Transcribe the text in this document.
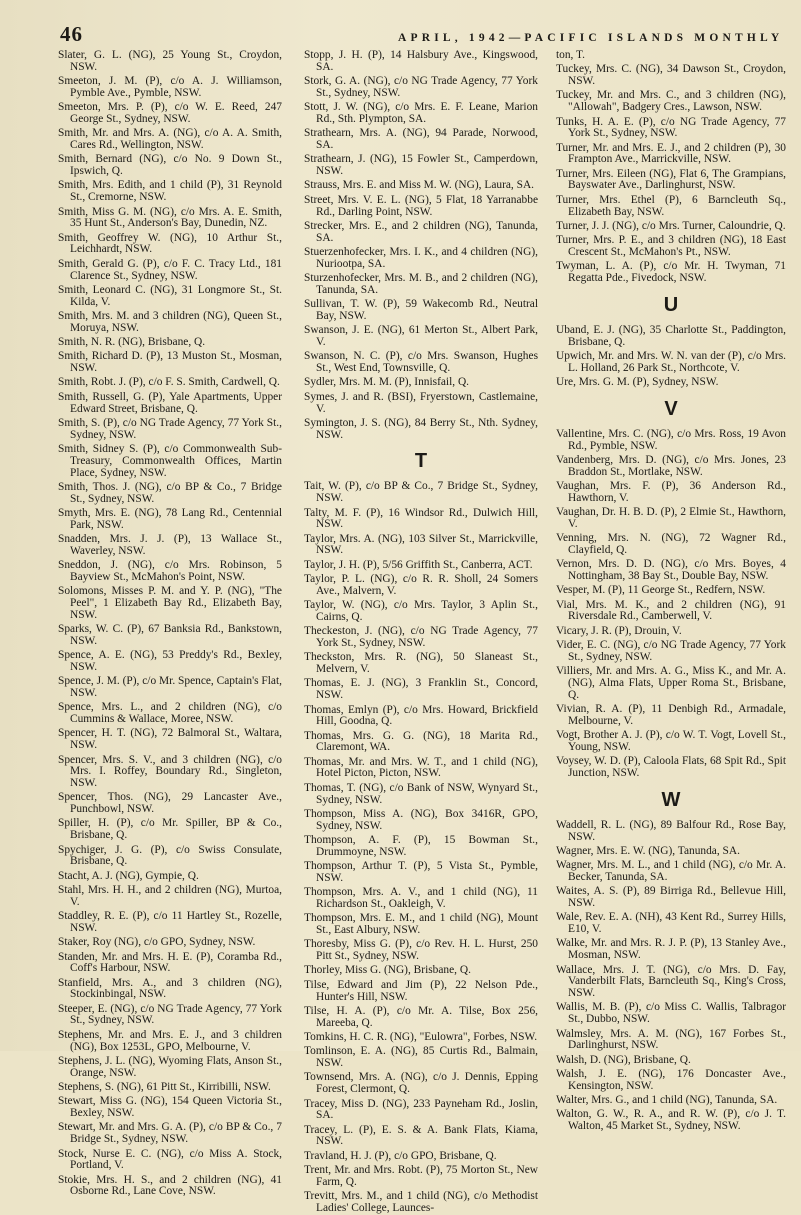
46	APRIL, 1942—PACIFIC ISLANDS MONTHLY
Slater, G. L. (NG), 25 Young St., Croydon, NSW.
Smeeton, J. M. (P), c/o A. J. Williamson, Pymble Ave., Pymble, NSW.
Smeeton, Mrs. P. (P), c/o W. E. Reed, 247 George St., Sydney, NSW.
Smith, Mr. and Mrs. A. (NG), c/o A. A. Smith, Cares Rd., Wellington, NSW.
Smith, Bernard (NG), c/o No. 9 Down St., Ipswich, Q.
Smith, Mrs. Edith, and 1 child (P), 31 Reynold St., Cremorne, NSW.
Smith, Miss G. M. (NG), c/o Mrs. A. E. Smith, 35 Hunt St., Anderson's Bay, Dunedin, NZ.
Smith, Geoffrey W. (NG), 10 Arthur St., Leichhardt, NSW.
Smith, Gerald G. (P), c/o F. C. Tracy Ltd., 181 Clarence St., Sydney, NSW.
Smith, Leonard C. (NG), 31 Longmore St., St. Kilda, V.
Smith, Mrs. M. and 3 children (NG), Queen St., Moruya, NSW.
Smith, N. R. (NG), Brisbane, Q.
Smith, Richard D. (P), 13 Muston St., Mosman, NSW.
Smith, Robt. J. (P), c/o F. S. Smith, Cardwell, Q.
Smith, Russell, G. (P), Yale Apartments, Upper Edward Street, Brisbane, Q.
Smith, S. (P), c/o NG Trade Agency, 77 York St., Sydney, NSW.
Smith, Sidney S. (P), c/o Commonwealth Sub-Treasury, Commonwealth Offices, Martin Place, Sydney, NSW.
Smith, Thos. J. (NG), c/o BP & Co., 7 Bridge St., Sydney, NSW.
Smyth, Mrs. E. (NG), 78 Lang Rd., Centennial Park, NSW.
Snadden, Mrs. J. J. (P), 13 Wallace St., Waverley, NSW.
Sneddon, J. (NG), c/o Mrs. Robinson, 5 Bayview St., McMahon's Point, NSW.
Solomons, Misses P. M. and Y. P. (NG), "The Peel", 1 Elizabeth Bay Rd., Elizabeth Bay, NSW.
Sparks, W. C. (P), 67 Banksia Rd., Bankstown, NSW.
Spence, A. E. (NG), 53 Preddy's Rd., Bexley, NSW.
Spence, J. M. (P), c/o Mr. Spence, Captain's Flat, NSW.
Spence, Mrs. L., and 2 children (NG), c/o Cummins & Wallace, Moree, NSW.
Spencer, H. T. (NG), 72 Balmoral St., Waltara, NSW.
Spencer, Mrs. S. V., and 3 children (NG), c/o Mrs. I. Roffey, Boundary Rd., Singleton, NSW.
Spencer, Thos. (NG), 29 Lancaster Ave., Punchbowl, NSW.
Spiller, H. (P), c/o Mr. Spiller, BP & Co., Brisbane, Q.
Spychiger, J. G. (P), c/o Swiss Consulate, Brisbane, Q.
Stacht, A. J. (NG), Gympie, Q.
Stahl, Mrs. H. H., and 2 children (NG), Murtoa, V.
Staddley, R. E. (P), c/o 11 Hartley St., Rozelle, NSW.
Staker, Roy (NG), c/o GPO, Sydney, NSW.
Standen, Mr. and Mrs. H. E. (P), Coramba Rd., Coff's Harbour, NSW.
Stanfield, Mrs. A., and 3 children (NG), Stockinbingal, NSW.
Steeper, E. (NG), c/o NG Trade Agency, 77 York St., Sydney, NSW.
Stephens, Mr. and Mrs. E. J., and 3 children (NG), Box 1253L, GPO, Melbourne, V.
Stephens, J. L. (NG), Wyoming Flats, Anson St., Orange, NSW.
Stephens, S. (NG), 61 Pitt St., Kirribilli, NSW.
Stewart, Miss G. (NG), 154 Queen Victoria St., Bexley, NSW.
Stewart, Mr. and Mrs. G. A. (P), c/o BP & Co., 7 Bridge St., Sydney, NSW.
Stock, Nurse E. C. (NG), c/o Miss A. Stock, Portland, V.
Stokie, Mrs. H. S., and 2 children (NG), 41 Osborne Rd., Lane Cove, NSW.
Stopp, J. H. (P), 14 Halsbury Ave., Kingswood, SA.
Stork, G. A. (NG), c/o NG Trade Agency, 77 York St., Sydney, NSW.
Stott, J. W. (NG), c/o Mrs. E. F. Leane, Marion Rd., Sth. Plympton, SA.
Strathearn, Mrs. A. (NG), 94 Parade, Norwood, SA.
Strathearn, J. (NG), 15 Fowler St., Camperdown, NSW.
Strauss, Mrs. E. and Miss M. W. (NG), Laura, SA.
Street, Mrs. V. E. L. (NG), 5 Flat, 18 Yarranabbe Rd., Darling Point, NSW.
Strecker, Mrs. E., and 2 children (NG), Tanunda, SA.
Stuerzenhofecker, Mrs. I. K., and 4 children (NG), Nuriootpa, SA.
Sturzenhofecker, Mrs. M. B., and 2 children (NG), Tanunda, SA.
Sullivan, T. W. (P), 59 Wakecomb Rd., Neutral Bay, NSW.
Swanson, J. E. (NG), 61 Merton St., Albert Park, V.
Swanson, N. C. (P), c/o Mrs. Swanson, Hughes St., West End, Townsville, Q.
Sydler, Mrs. M. M. (P), Innisfail, Q.
Symes, J. and R. (BSI), Fryerstown, Castlemaine, V.
Symington, J. S. (NG), 84 Berry St., Nth. Sydney, NSW.
T
Tait, W. (P), c/o BP & Co., 7 Bridge St., Sydney, NSW.
Talty, M. F. (P), 16 Windsor Rd., Dulwich Hill, NSW.
Taylor, Mrs. A. (NG), 103 Silver St., Marrickville, NSW.
Taylor, J. H. (P), 5/56 Griffith St., Canberra, ACT.
Taylor, P. L. (NG), c/o R. R. Sholl, 24 Somers Ave., Malvern, V.
Taylor, W. (NG), c/o Mrs. Taylor, 3 Aplin St., Cairns, Q.
Theckeston, J. (NG), c/o NG Trade Agency, 77 York St., Sydney, NSW.
Theckston, Mrs. R. (NG), 50 Slaneast St., Melvern, V.
Thomas, E. J. (NG), 3 Franklin St., Concord, NSW.
Thomas, Emlyn (P), c/o Mrs. Howard, Brickfield Hill, Goodna, Q.
Thomas, Mrs. G. G. (NG), 18 Marita Rd., Claremont, WA.
Thomas, Mr. and Mrs. W. T., and 1 child (NG), Hotel Picton, Picton, NSW.
Thomas, T. (NG), c/o Bank of NSW, Wynyard St., Sydney, NSW.
Thompson, Miss A. (NG), Box 3416R, GPO, Sydney, NSW.
Thompson, A. F. (P), 15 Bowman St., Drummoyne, NSW.
Thompson, Arthur T. (P), 5 Vista St., Pymble, NSW.
Thompson, Mrs. A. V., and 1 child (NG), 11 Richardson St., Oakleigh, V.
Thompson, Mrs. E. M., and 1 child (NG), Mount St., East Albury, NSW.
Thoresby, Miss G. (P), c/o Rev. H. L. Hurst, 250 Pitt St., Sydney, NSW.
Thorley, Miss G. (NG), Brisbane, Q.
Tilse, Edward and Jim (P), 22 Nelson Pde., Hunter's Hill, NSW.
Tilse, H. A. (P), c/o Mr. A. Tilse, Box 256, Mareeba, Q.
Tomkins, H. C. R. (NG), "Eulowra", Forbes, NSW.
Tomlinson, E. A. (NG), 85 Curtis Rd., Balmain, NSW.
Townsend, Mrs. A. (NG), c/o J. Dennis, Epping Forest, Clermont, Q.
Tracey, Miss D. (NG), 233 Payneham Rd., Joslin, SA.
Tracey, L. (P), E. S. & A. Bank Flats, Kiama, NSW.
Travland, H. J. (P), c/o GPO, Brisbane, Q.
Trent, Mr. and Mrs. Robt. (P), 75 Morton St., New Farm, Q.
Trevitt, Mrs. M., and 1 child (NG), c/o Methodist Ladies' College, Launces-
ton, T.
Tuckey, Mrs. C. (NG), 34 Dawson St., Croydon, NSW.
Tuckey, Mr. and Mrs. C., and 3 children (NG), "Allowah", Badgery Cres., Lawson, NSW.
Tunks, H. A. E. (P), c/o NG Trade Agency, 77 York St., Sydney, NSW.
Turner, Mr. and Mrs. E. J., and 2 children (P), 30 Frampton Ave., Marrickville, NSW.
Turner, Mrs. Eileen (NG), Flat 6, The Grampians, Bayswater Ave., Darlinghurst, NSW.
Turner, Mrs. Ethel (P), 6 Barncleuth Sq., Elizabeth Bay, NSW.
Turner, J. J. (NG), c/o Mrs. Turner, Caloundrie, Q.
Turner, Mrs. P. E., and 3 children (NG), 18 East Crescent St., McMahon's Pt., NSW.
Twyman, L. A. (P), c/o Mr. H. Twyman, 71 Regatta Pde., Fivedock, NSW.
U
Uband, E. J. (NG), 35 Charlotte St., Paddington, Brisbane, Q.
Upwich, Mr. and Mrs. W. N. van der (P), c/o Mrs. L. Holland, 26 Park St., Northcote, V.
Ure, Mrs. G. M. (P), Sydney, NSW.
V
Vallentine, Mrs. C. (NG), c/o Mrs. Ross, 19 Avon Rd., Pymble, NSW.
Vandenberg, Mrs. D. (NG), c/o Mrs. Jones, 23 Braddon St., Mortlake, NSW.
Vaughan, Mrs. F. (P), 36 Anderson Rd., Hawthorn, V.
Vaughan, Dr. H. B. D. (P), 2 Elmie St., Hawthorn, V.
Venning, Mrs. N. (NG), 72 Wagner Rd., Clayfield, Q.
Vernon, Mrs. D. D. (NG), c/o Mrs. Boyes, 4 Nottingham, 38 Bay St., Double Bay, NSW.
Vesper, M. (P), 11 George St., Redfern, NSW.
Vial, Mrs. M. K., and 2 children (NG), 91 Riversdale Rd., Camberwell, V.
Vicary, J. R. (P), Drouin, V.
Vider, E. C. (NG), c/o NG Trade Agency, 77 York St., Sydney, NSW.
Villiers, Mr. and Mrs. A. G., Miss K., and Mr. A. (NG), Alma Flats, Upper Roma St., Brisbane, Q.
Vivian, R. A. (P), 11 Denbigh Rd., Armadale, Melbourne, V.
Vogt, Brother A. J. (P), c/o W. T. Vogt, Lovell St., Young, NSW.
Voysey, W. D. (P), Caloola Flats, 68 Spit Rd., Spit Junction, NSW.
W
Waddell, R. L. (NG), 89 Balfour Rd., Rose Bay, NSW.
Wagner, Mrs. E. W. (NG), Tanunda, SA.
Wagner, Mrs. M. L., and 1 child (NG), c/o Mr. A. Becker, Tanunda, SA.
Waites, A. S. (P), 89 Birriga Rd., Bellevue Hill, NSW.
Wale, Rev. E. A. (NH), 43 Kent Rd., Surrey Hills, E10, V.
Walke, Mr. and Mrs. R. J. P. (P), 13 Stanley Ave., Mosman, NSW.
Wallace, Mrs. J. T. (NG), c/o Mrs. D. Fay, Vanderbilt Flats, Barncleuth Sq., King's Cross, NSW.
Wallis, M. B. (P), c/o Miss C. Wallis, Talbragor St., Dubbo, NSW.
Walmsley, Mrs. A. M. (NG), 167 Forbes St., Darlinghurst, NSW.
Walsh, D. (NG), Brisbane, Q.
Walsh, J. E. (NG), 176 Doncaster Ave., Kensington, NSW.
Walter, Mrs. G., and 1 child (NG), Tanunda, SA.
Walton, G. W., R. A., and R. W. (P), c/o J. T. Walton, 45 Market St., Sydney, NSW.
